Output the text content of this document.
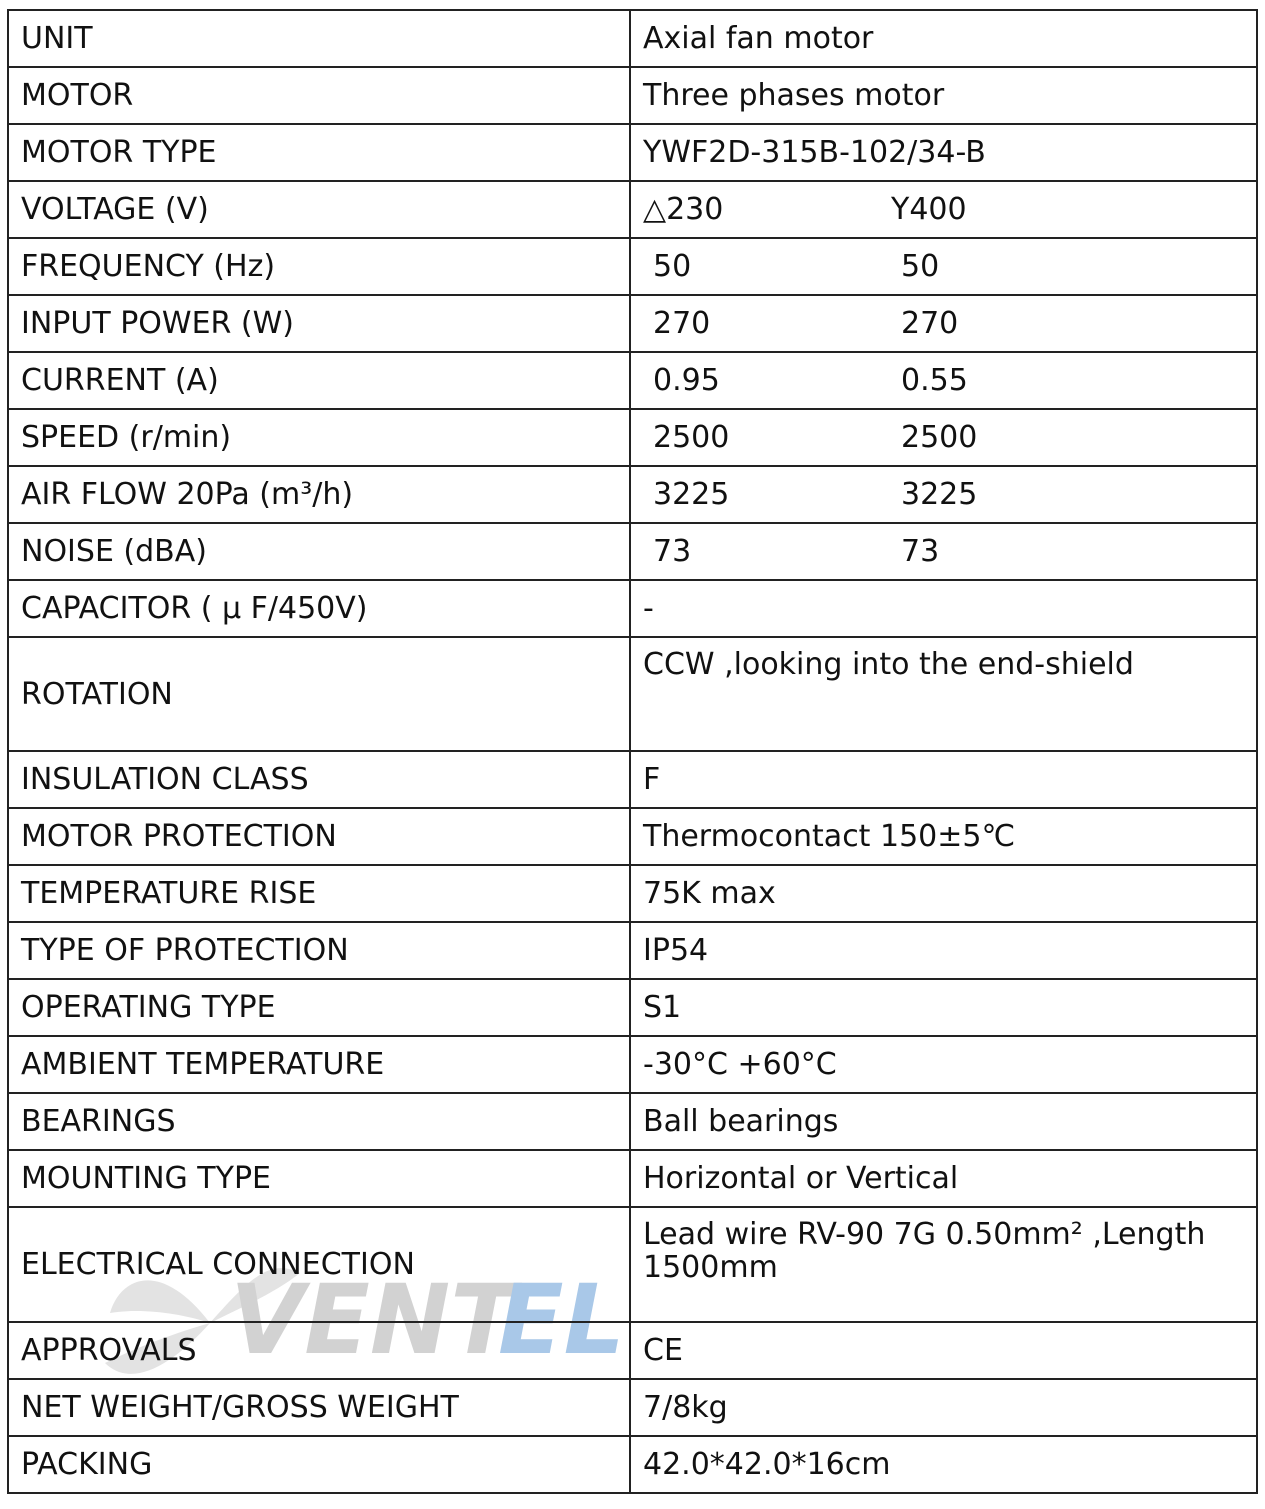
VENT
EL
UNIT	Axial fan motor
MOTOR	Three phases motor
MOTOR TYPE	YWF2D-315B-102/34-B
VOLTAGE (V)	△230 Y400
FREQUENCY (Hz)	50 50
INPUT POWER (W)	270 270
CURRENT (A)	0.95 0.55
SPEED (r/min)	2500 2500
AIR FLOW 20Pa (m³/h)	3225 3225
NOISE (dBA)	73 73
CAPACITOR ( μ F/450V)	-
ROTATION	CCW ,looking into the end-shield
INSULATION CLASS	F
MOTOR PROTECTION	Thermocontact 150±5℃
TEMPERATURE RISE	75K max
TYPE OF PROTECTION	IP54
OPERATING TYPE	S1
AMBIENT TEMPERATURE	-30°C +60°C
BEARINGS	Ball bearings
MOUNTING TYPE	Horizontal or Vertical
ELECTRICAL CONNECTION	Lead wire RV-90 7G 0.50mm² ,Length 1500mm
APPROVALS	CE
NET WEIGHT/GROSS WEIGHT	7/8kg
PACKING	42.0*42.0*16cm
